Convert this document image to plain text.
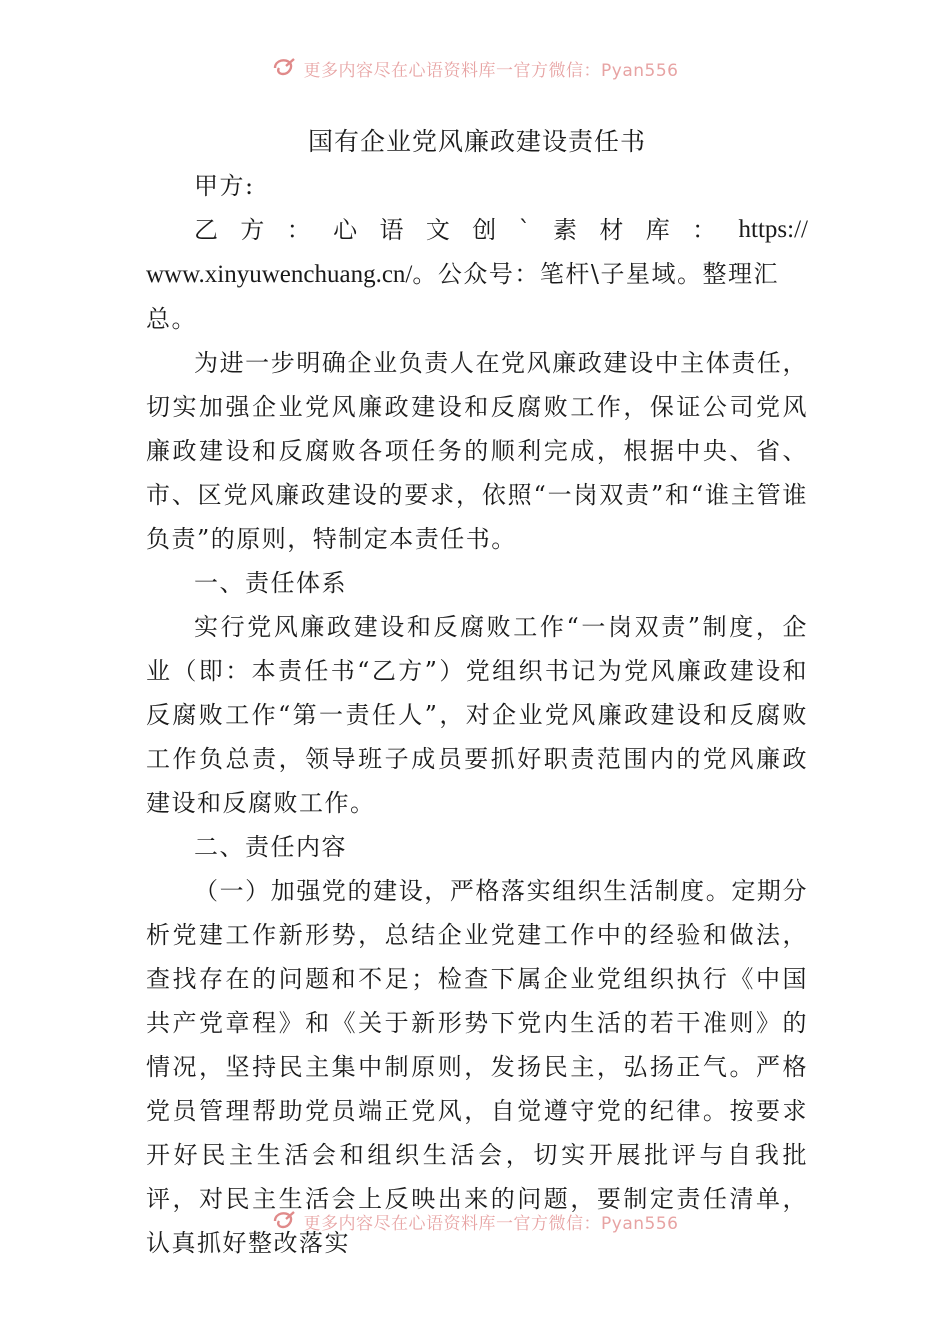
更多内容尽在心语资料库一官方微信：Pyan556

国有企业党风廉政建设责任书

甲方:

乙 方 ： 心 语 文 创 ` 素 材 库 ： https://

www.xinyuwenchuang.cn/。公众号：笔杆\子星域。整理汇总。

为进一步明确企业负责人在党风廉政建设中主体责任，切实加强企业党风廉政建设和反腐败工作，保证公司党风廉政建设和反腐败各项任务的顺利完成，根据中央、省、市、区党风廉政建设的要求，依照“一岗双责”和“谁主管谁负责”的原则，特制定本责任书。

一、责任体系

实行党风廉政建设和反腐败工作“一岗双责”制度，企业（即：本责任书“乙方”）党组织书记为党风廉政建设和反腐败工作“第一责任人”，对企业党风廉政建设和反腐败工作负总责，领导班子成员要抓好职责范围内的党风廉政建设和反腐败工作。

二、责任内容

（一）加强党的建设，严格落实组织生活制度。定期分析党建工作新形势，总结企业党建工作中的经验和做法，查找存在的问题和不足；检查下属企业党组织执行《中国共产党章程》和《关于新形势下党内生活的若干准则》的情况，坚持民主集中制原则，发扬民主，弘扬正气。严格党员管理帮助党员端正党风，自觉遵守党的纪律。按要求开好民主生活会和组织生活会，切实开展批评与自我批评，对民主生活会上反映出来的问题，要制定责任清单，认真抓好整改落实

更多内容尽在心语资料库一官方微信：Pyan556
